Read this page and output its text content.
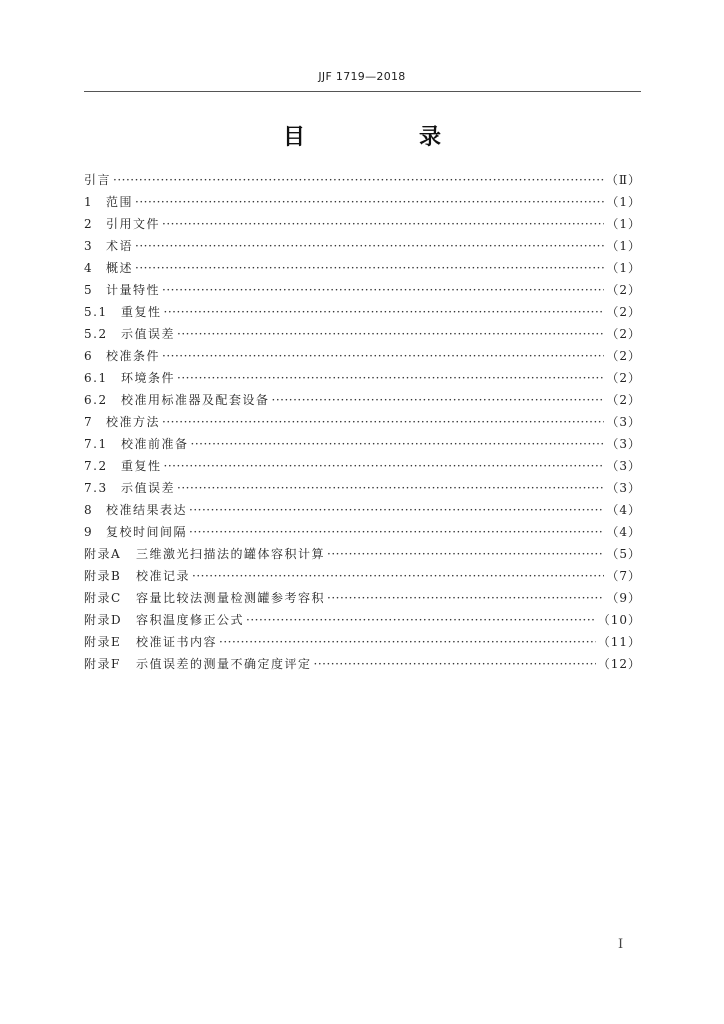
JJF 1719—2018
目　录
引言 ·····	（Ⅱ）
1	范围 ·····	（1）
2	引用文件 ·····	（1）
3	术语 ·····	（1）
4	概述 ·····	（1）
5	计量特性 ·····	（2）
5.1	重复性 ·····	（2）
5.2	示值误差 ·····	（2）
6	校准条件 ·····	（2）
6.1	环境条件 ·····	（2）
6.2	校准用标准器及配套设备 ·····	（2）
7	校准方法 ·····	（3）
7.1	校准前准备 ·····	（3）
7.2	重复性 ·····	（3）
7.3	示值误差 ·····	（3）
8	校准结果表达 ·····	（4）
9	复校时间间隔 ·····	（4）
附录A	三维激光扫描法的罐体容积计算 ·····	（5）
附录B	校准记录 ·····	（7）
附录C	容量比较法测量检测罐参考容积 ·····	（9）
附录D	容积温度修正公式 ·····	（10）
附录E	校准证书内容 ·····	（11）
附录F	示值误差的测量不确定度评定 ·····	（12）
I
